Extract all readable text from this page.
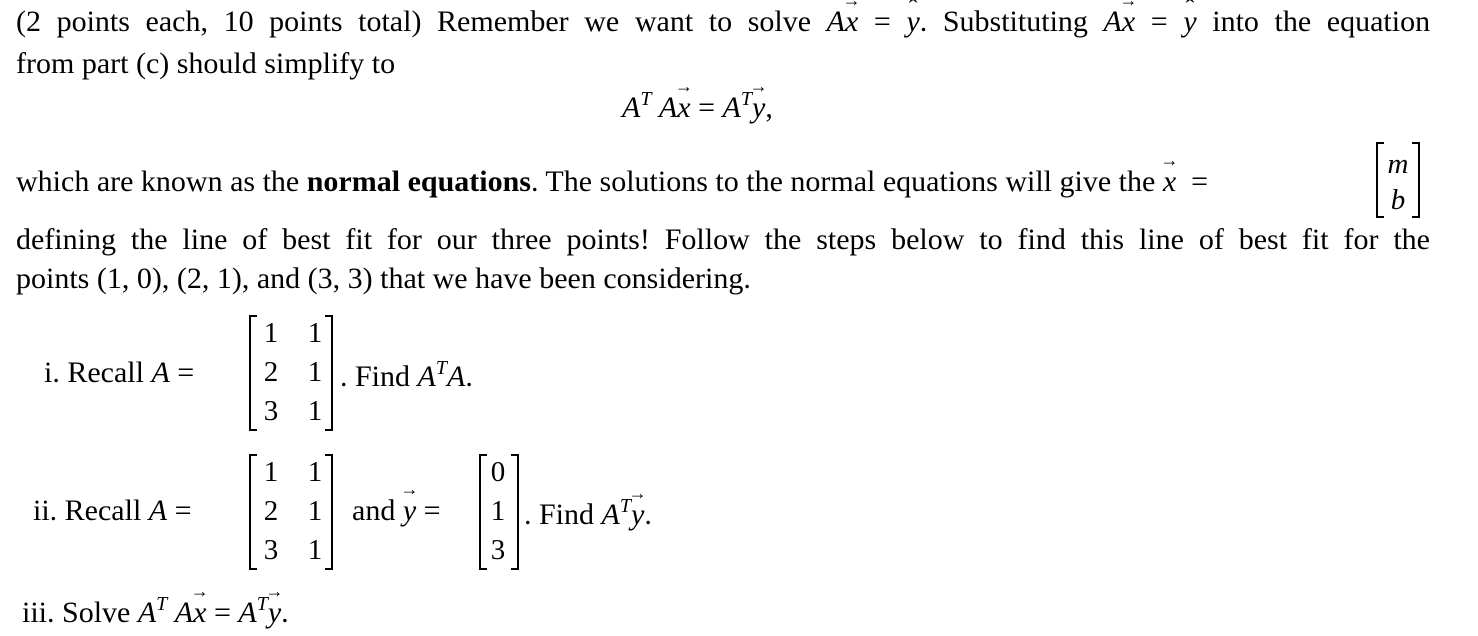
(2 points each, 10 points total) Remember we want to solve Ax → = y ˆ. Substituting Ax → = y ˆ into the equation
from part (c) should simplify to
$A^T$ Ax → = $A^Ty$ →,
which are known as the normal equations. The solutions to the normal equations will give the x → =
m
b
defining the line of best fit for our three points! Follow the steps below to find this line of best fit for the
points (1, 0), (2, 1), and (3, 3) that we have been considering.
i. Recall A =
1 1
2 1
3 1
. Find $A^TA$.
ii. Recall A =
1 1
2 1
3 1
and y → =
0
1
3
. Find $A^Ty$ →.
iii. Solve $A^T$ Ax → = $A^Ty$ →.
